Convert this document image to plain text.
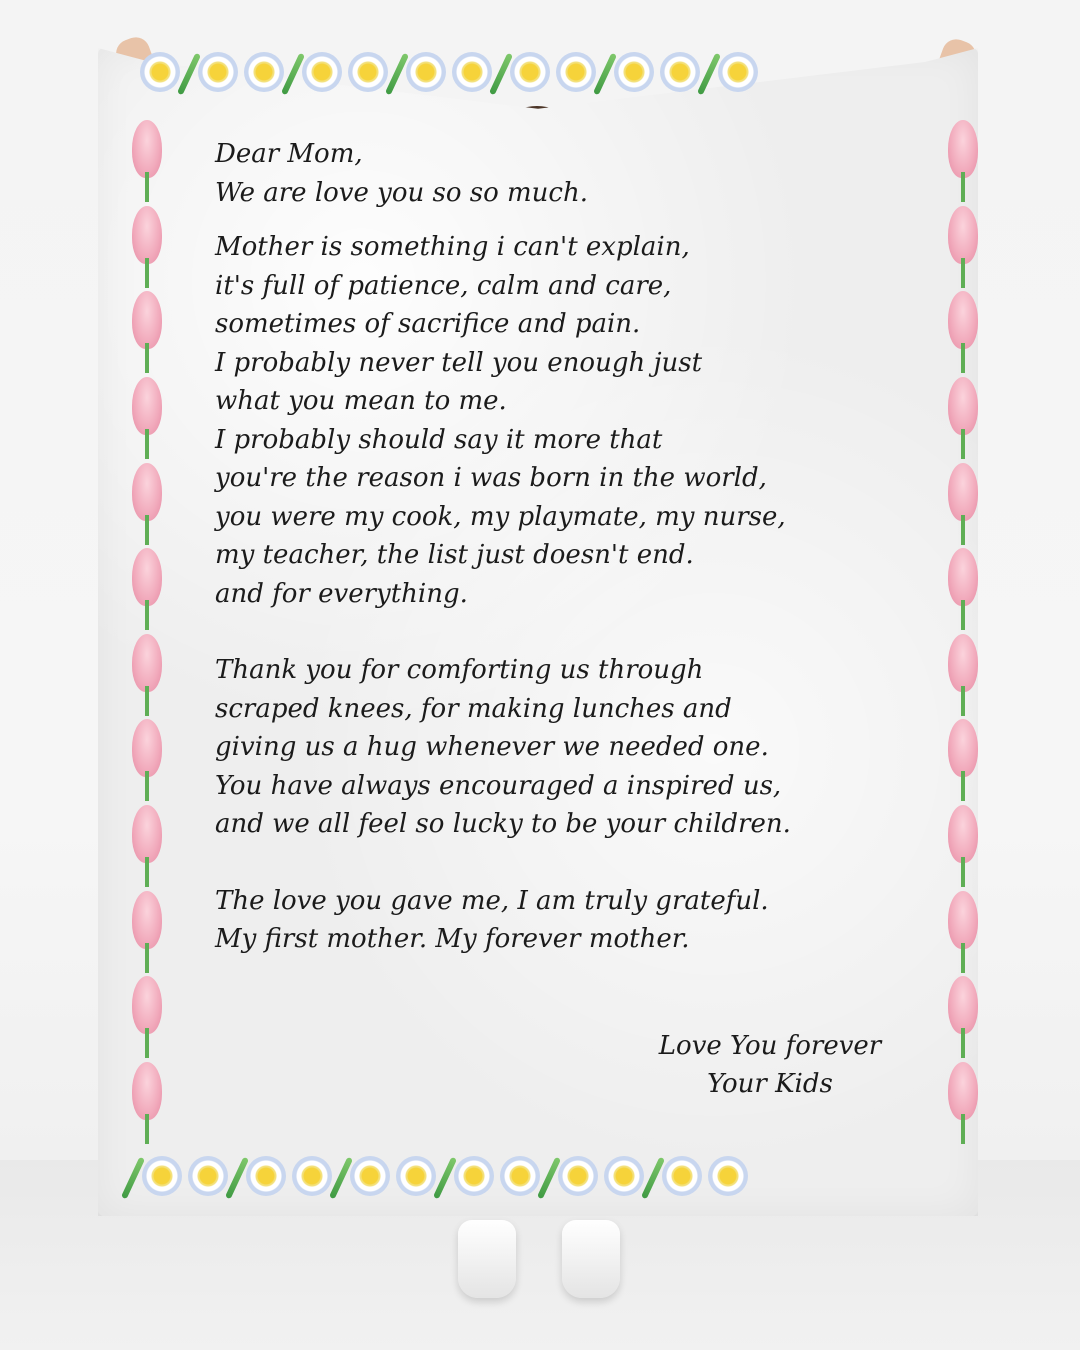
Dear Mom,

We are love you so so much.

Mother is something i can't explain,

it's full of patience, calm and care,

sometimes of sacrifice and pain.

I probably never tell you enough just

what you mean to me.

I probably should say it more that

you're the reason i was born in the world,

you were my cook, my playmate, my nurse,

my teacher, the list just doesn't end.

and for everything.

Thank you for comforting us through

scraped knees, for making lunches and

giving us a hug whenever we needed one.

You have always encouraged a inspired us,

and we all feel so lucky to be your children.

The love you gave me, I am truly grateful.

My first mother. My forever mother.

Love You forever

Your Kids
